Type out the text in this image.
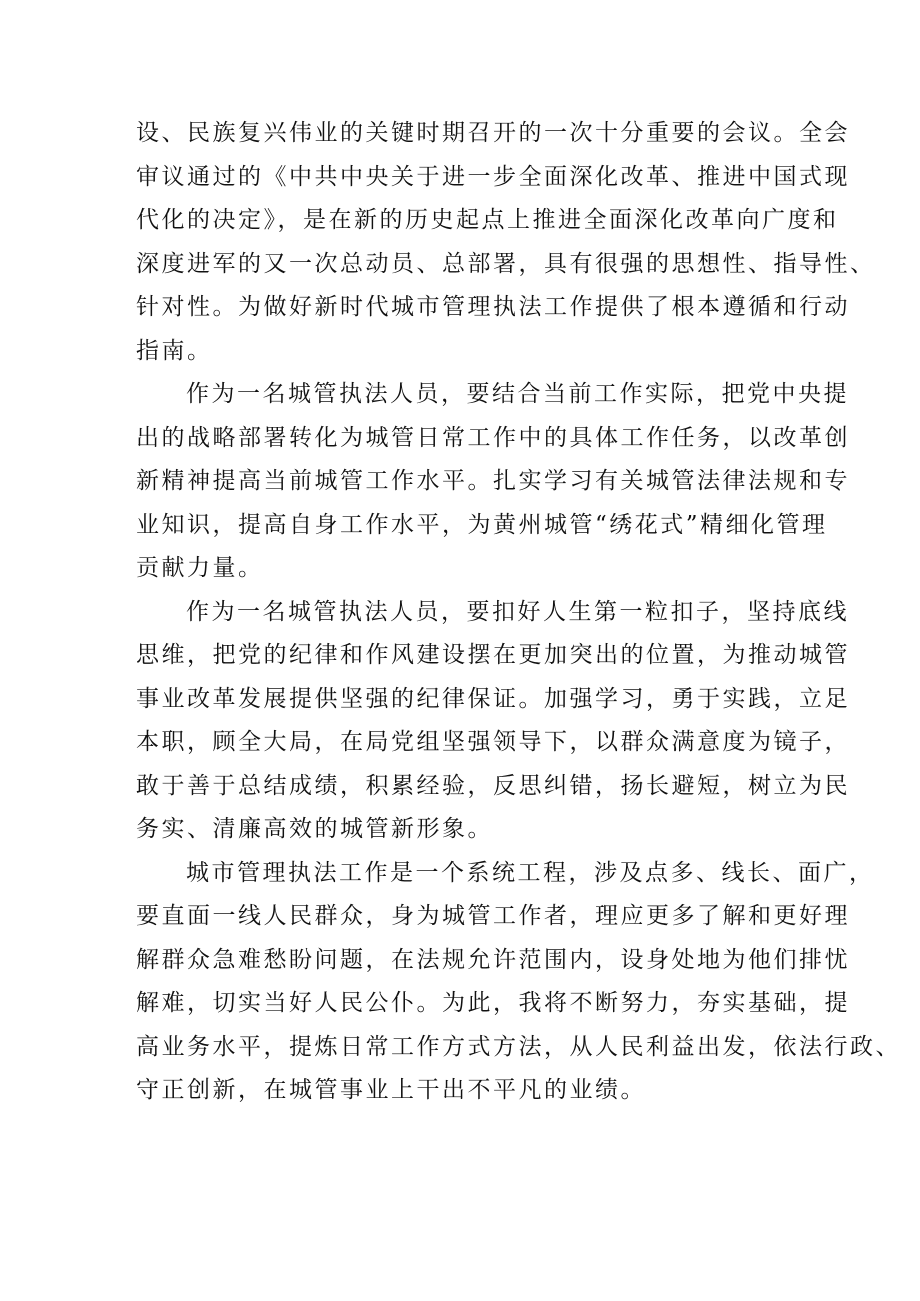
设、民族复兴伟业的关键时期召开的一次十分重要的会议。全会
审议通过的《中共中央关于进一步全面深化改革、推进中国式现
代化的决定》，是在新的历史起点上推进全面深化改革向广度和
深度进军的又一次总动员、总部署，具有很强的思想性、指导性、
针对性。为做好新时代城市管理执法工作提供了根本遵循和行动
指南。
作为一名城管执法人员，要结合当前工作实际，把党中央提
出的战略部署转化为城管日常工作中的具体工作任务，以改革创
新精神提高当前城管工作水平。扎实学习有关城管法律法规和专
业知识，提高自身工作水平，为黄州城管“绣花式”精细化管理
贡献力量。
作为一名城管执法人员，要扣好人生第一粒扣子，坚持底线
思维，把党的纪律和作风建设摆在更加突出的位置，为推动城管
事业改革发展提供坚强的纪律保证。加强学习，勇于实践，立足
本职，顾全大局，在局党组坚强领导下，以群众满意度为镜子，
敢于善于总结成绩，积累经验，反思纠错，扬长避短，树立为民
务实、清廉高效的城管新形象。
城市管理执法工作是一个系统工程，涉及点多、线长、面广，
要直面一线人民群众，身为城管工作者，理应更多了解和更好理
解群众急难愁盼问题，在法规允许范围内，设身处地为他们排忧
解难，切实当好人民公仆。为此，我将不断努力，夯实基础，提
高业务水平，提炼日常工作方式方法，从人民利益出发，依法行政、
守正创新，在城管事业上干出不平凡的业绩。
